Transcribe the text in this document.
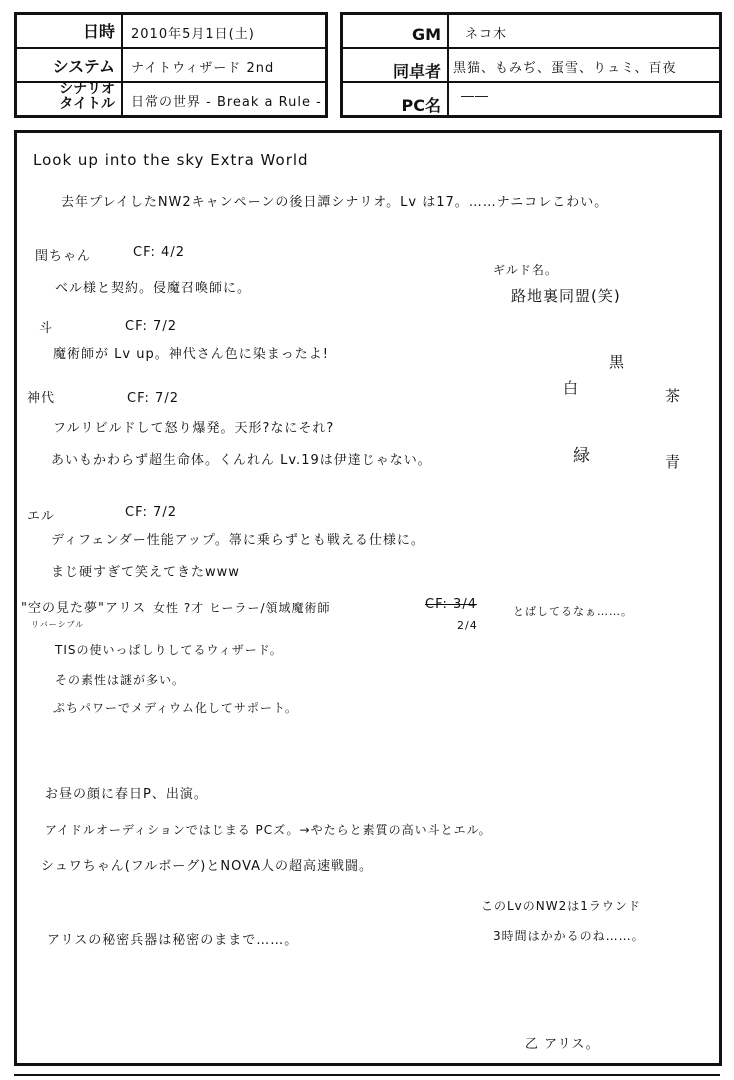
日時	2010年5月1日(土)
システム	ナイトウィザード 2nd
シナリオ
タイトル	日常の世界 - Break a Rule -
GM	ネコ木
同卓者 黒猫、もみぢ、蛋雪、りュミ、百夜
PC名	――
Look up into the sky Extra World
去年プレイしたNW2キャンペーンの後日譚シナリオ。Lv は17。……ナニコレこわい。
ギルド名。
路地裏同盟(笑)
黒
白	茶
緑	青
閏ちゃん	CF: 4/2
ベル様と契約。侵魔召喚師に。
斗	CF: 7/2
魔術師が Lv up。神代さん色に染まったよ!
神代	CF: 7/2
フルリビルドして怒り爆発。天形?なにそれ?
あいもかわらず超生命体。くんれん Lv.19は伊達じゃない。
エル	CF: 7/2
ディフェンダー性能アップ。箒に乗らずとも戦える仕様に。
まじ硬すぎて笑えてきたwww
"空の見た夢"アリス
リバーシブル
女性 ?才 ヒーラー/領域魔術師	CF: 3/4
2/4
とばしてるなぁ……。
TISの使いっぱしりしてるウィザード。
その素性は謎が多い。
ぷちパワーでメディウム化してサポート。
お昼の顔に春日P、出演。
アイドルオーディションではじまる PCズ。→やたらと素質の高い斗とエル。
シュワちゃん(フルボーグ)とNOVA人の超高速戦闘。
アリスの秘密兵器は秘密のままで……。
このLvのNW2は1ラウンド
3時間はかかるのね……。
乙 アリス。
